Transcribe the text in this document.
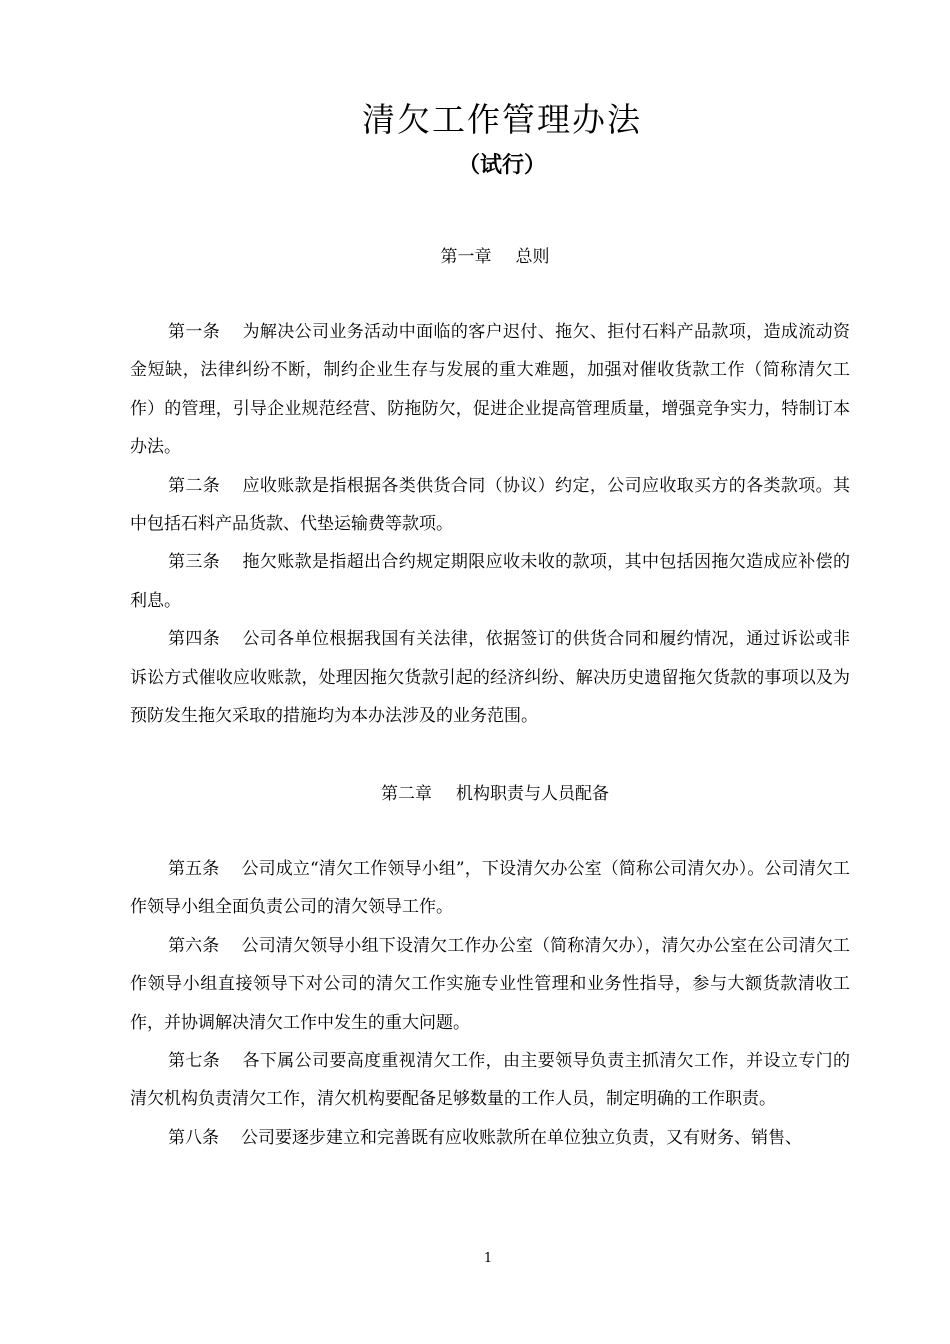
清欠工作管理办法
（试行）
第一章 总则

第一条 为解决公司业务活动中面临的客户迟付、拖欠、拒付石料产品款项，造成流动资金短缺，法律纠纷不断，制约企业生存与发展的重大难题，加强对催收货款工作（简称清欠工作）的管理，引导企业规范经营、防拖防欠，促进企业提高管理质量，增强竞争实力，特制订本办法。

第二条 应收账款是指根据各类供货合同（协议）约定，公司应收取买方的各类款项。其中包括石料产品货款、代垫运输费等款项。

第三条 拖欠账款是指超出合约规定期限应收未收的款项，其中包括因拖欠造成应补偿的利息。

第四条 公司各单位根据我国有关法律，依据签订的供货合同和履约情况，通过诉讼或非诉讼方式催收应收账款，处理因拖欠货款引起的经济纠纷、解决历史遗留拖欠货款的事项以及为预防发生拖欠采取的措施均为本办法涉及的业务范围。

第二章 机构职责与人员配备

第五条 公司成立“清欠工作领导小组”，下设清欠办公室（简称公司清欠办）。公司清欠工作领导小组全面负责公司的清欠领导工作。

第六条 公司清欠领导小组下设清欠工作办公室（简称清欠办），清欠办公室在公司清欠工作领导小组直接领导下对公司的清欠工作实施专业性管理和业务性指导，参与大额货款清收工作，并协调解决清欠工作中发生的重大问题。

第七条 各下属公司要高度重视清欠工作，由主要领导负责主抓清欠工作，并设立专门的清欠机构负责清欠工作，清欠机构要配备足够数量的工作人员，制定明确的工作职责。

第八条 公司要逐步建立和完善既有应收账款所在单位独立负责，又有财务、销售、

1
